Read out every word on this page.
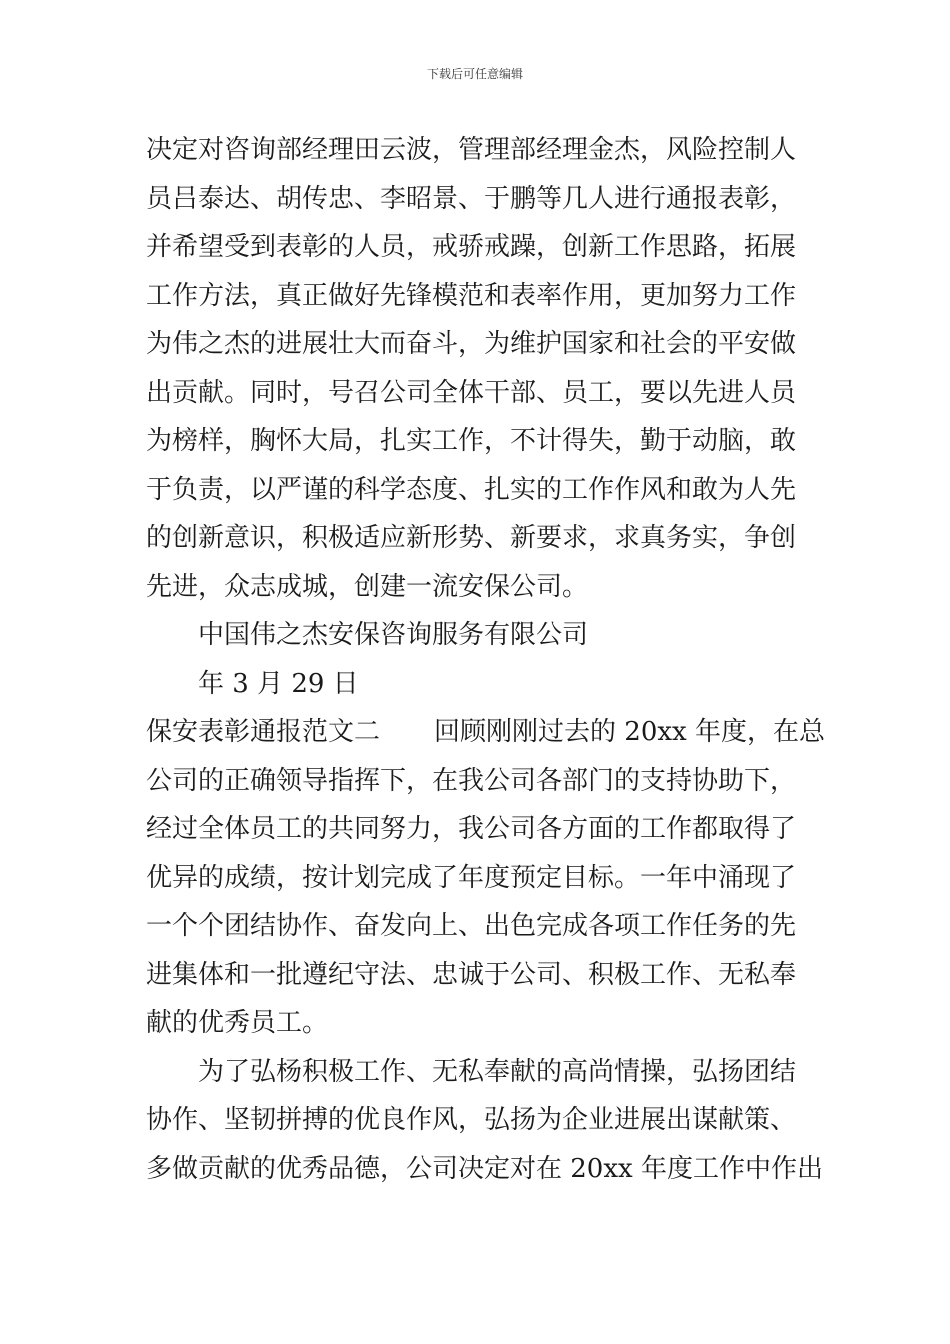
下载后可任意编辑
决定对咨询部经理田云波，管理部经理金杰，风险控制人
员吕泰达、胡传忠、李昭景、于鹏等几人进行通报表彰，
并希望受到表彰的人员，戒骄戒躁，创新工作思路，拓展
工作方法，真正做好先锋模范和表率作用，更加努力工作
为伟之杰的进展壮大而奋斗，为维护国家和社会的平安做
出贡献。同时，号召公司全体干部、员工，要以先进人员
为榜样，胸怀大局，扎实工作，不计得失，勤于动脑，敢
于负责，以严谨的科学态度、扎实的工作作风和敢为人先
的创新意识，积极适应新形势、新要求，求真务实，争创
先进，众志成城，创建一流安保公司。
中国伟之杰安保咨询服务有限公司
年 3 月 29 日
保安表彰通报范文二 回顾刚刚过去的 20xx 年度，在总
公司的正确领导指挥下，在我公司各部门的支持协助下，
经过全体员工的共同努力，我公司各方面的工作都取得了
优异的成绩，按计划完成了年度预定目标。一年中涌现了
一个个团结协作、奋发向上、出色完成各项工作任务的先
进集体和一批遵纪守法、忠诚于公司、积极工作、无私奉
献的优秀员工。
为了弘杨积极工作、无私奉献的高尚情操，弘扬团结
协作、坚韧拼搏的优良作风，弘扬为企业进展出谋献策、
多做贡献的优秀品德，公司决定对在 20xx 年度工作中作出
